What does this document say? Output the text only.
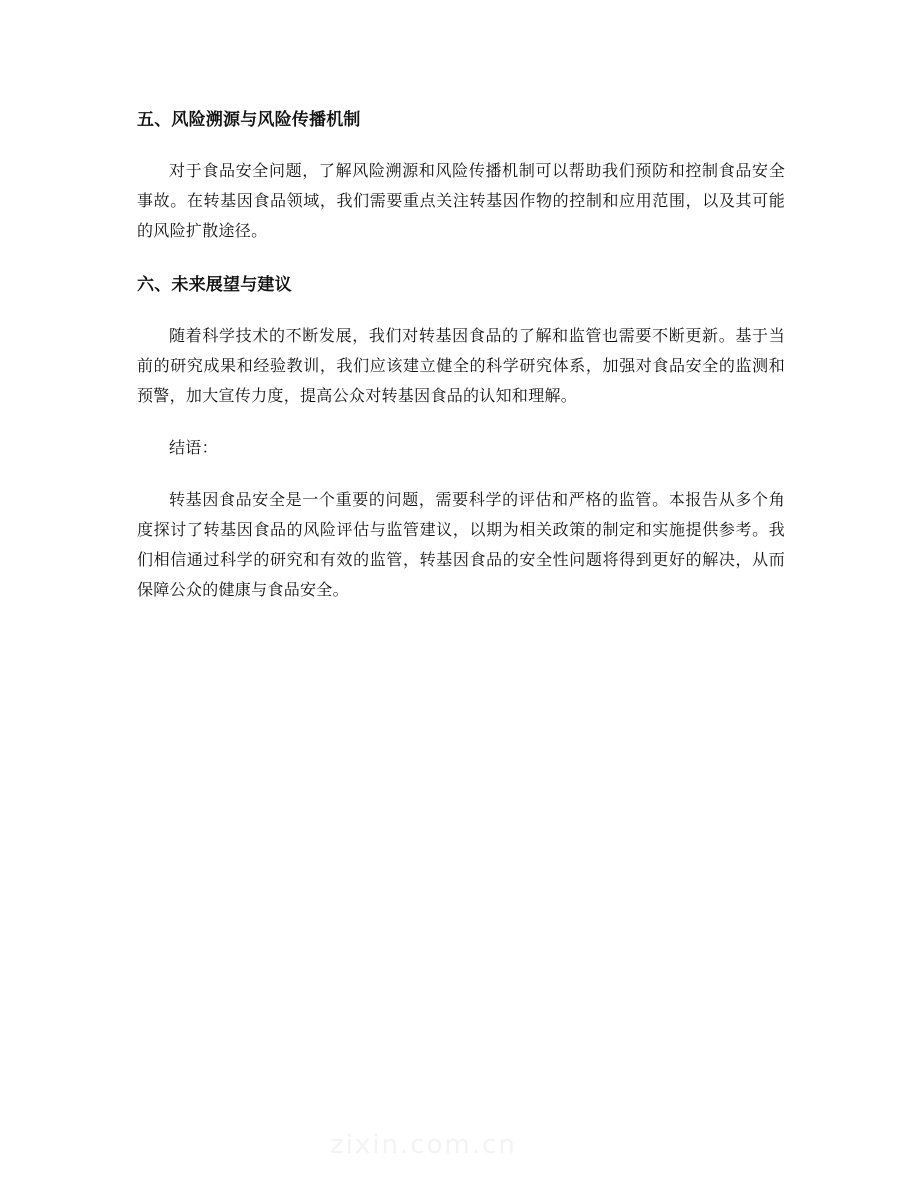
五、风险溯源与风险传播机制

对于食品安全问题，了解风险溯源和风险传播机制可以帮助我们预防和控制食品安全事故。在转基因食品领域，我们需要重点关注转基因作物的控制和应用范围，以及其可能的风险扩散途径。

六、未来展望与建议

随着科学技术的不断发展，我们对转基因食品的了解和监管也需要不断更新。基于当前的研究成果和经验教训，我们应该建立健全的科学研究体系，加强对食品安全的监测和预警，加大宣传力度，提高公众对转基因食品的认知和理解。

结语：

转基因食品安全是一个重要的问题，需要科学的评估和严格的监管。本报告从多个角度探讨了转基因食品的风险评估与监管建议，以期为相关政策的制定和实施提供参考。我们相信通过科学的研究和有效的监管，转基因食品的安全性问题将得到更好的解决，从而保障公众的健康与食品安全。

zixin.com.cn
